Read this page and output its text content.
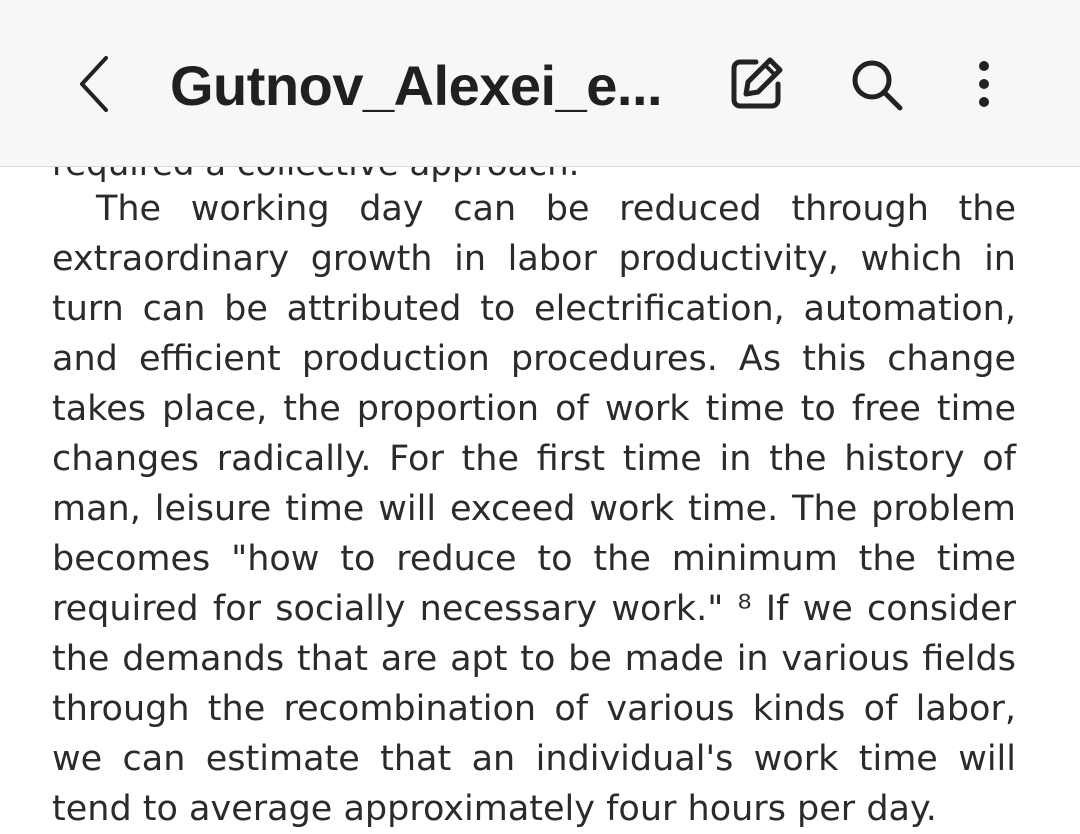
Gutnov_Alexei_e...
The working day can be reduced through the
extraordinary growth in labor productivity, which in
turn can be attributed to electrification, automation,
and efficient production procedures. As this change
takes place, the proportion of work time to free time
changes radically. For the first time in the history of
man, leisure time will exceed work time. The problem
becomes "how to reduce to the minimum the time
required for socially necessary work." ⁸ If we consider
the demands that are apt to be made in various fields
through the recombination of various kinds of labor,
we can estimate that an individual's work time will
tend to average approximately four hours per day.
